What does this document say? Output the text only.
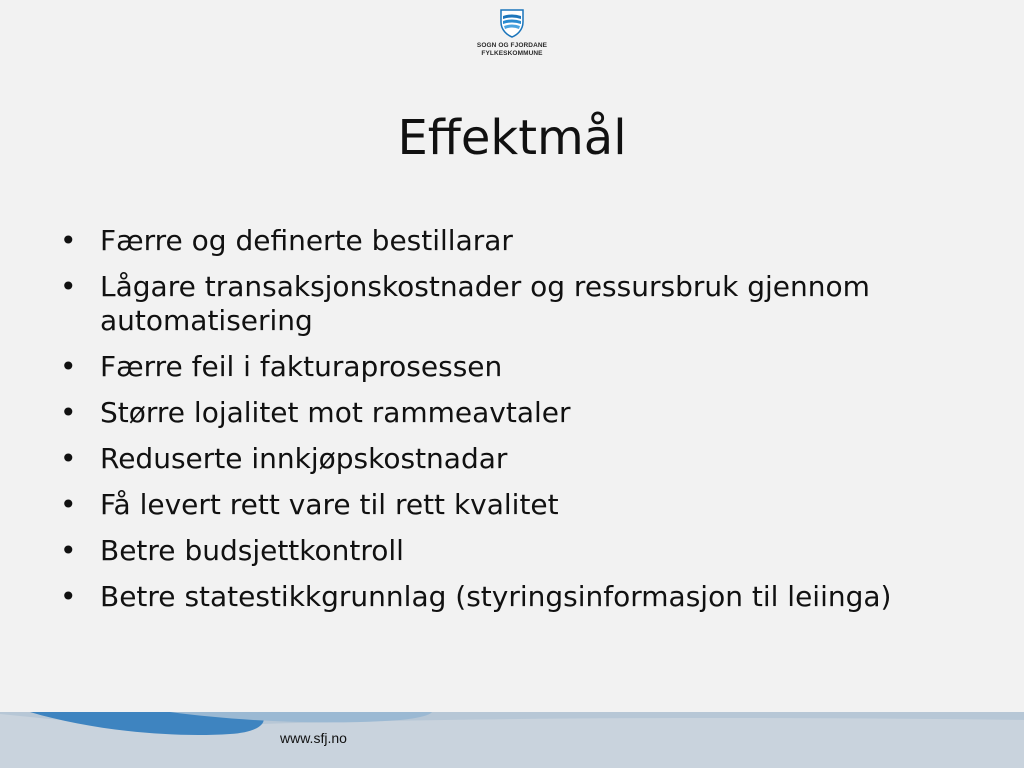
SOGN OG FJORDANE
FYLKESKOMMUNE
Effektmål
• Færre og definerte bestillarar
• Lågare transaksjonskostnader og ressursbruk gjennom automatisering
• Færre feil i fakturaprosessen
• Større lojalitet mot rammeavtaler
• Reduserte innkjøpskostnadar
• Få levert rett vare til rett kvalitet
• Betre budsjettkontroll
• Betre statestikkgrunnlag (styringsinformasjon til leiinga)
www.sfj.no
